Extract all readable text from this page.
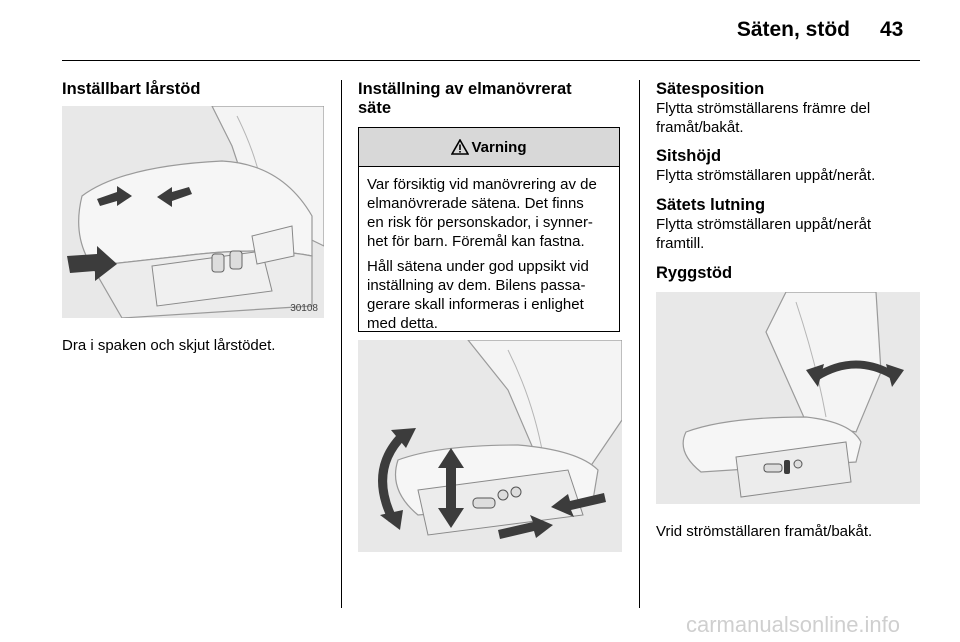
Säten, stöd 43
Inställbart lårstöd
30108

Dra i spaken och skjut lårstödet.

Inställning av elmanövrerat
säte
Varning

Var försiktig vid manövrering av de
elmanövrerade sätena. Det finns
en risk för personskador, i synner-
het för barn. Föremål kan fastna.

Håll sätena under god uppsikt vid
inställning av dem. Bilens passa-
gerare skall informeras i enlighet
med detta.

Sätesposition

Flytta strömställarens främre del
framåt/bakåt.

Sitshöjd

Flytta strömställaren uppåt/neråt.

Sätets lutning

Flytta strömställaren uppåt/neråt
framtill.

Ryggstöd

Vrid strömställaren framåt/bakåt.

carmanualsonline.info
